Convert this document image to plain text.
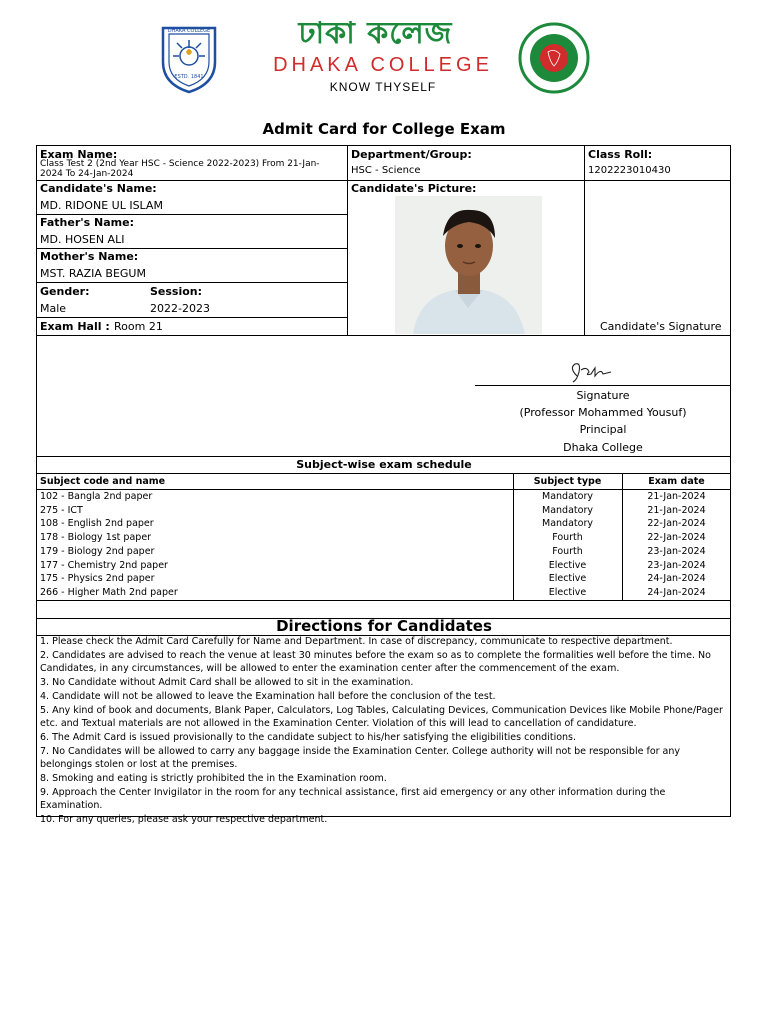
DHAKA COLLEGE
ESTD. 1841
ঢাকা কলেজ
DHAKA COLLEGE
KNOW THYSELF
Admit Card for College Exam
Exam Name:
Class Test 2 (2nd Year HSC - Science 2022-2023) From 21-Jan-2024 To 24-Jan-2024
Department/Group:
HSC - Science
Class Roll:
1202223010430
Candidate's Name:
MD. RIDONE UL ISLAM
Candidate's Picture:
Father's Name:
MD. HOSEN ALI
Mother's Name:
MST. RAZIA BEGUM
Gender:
Male
Session:
2022-2023
Exam Hall : Room 21	Candidate's Signature
Signature
(Professor Mohammed Yousuf)
Principal
Dhaka College
Subject-wise exam schedule
Subject code and name	Subject type	Exam date
102 - Bangla 2nd paper	Mandatory	21-Jan-2024
275 - ICT	Mandatory	21-Jan-2024
108 - English 2nd paper	Mandatory	22-Jan-2024
178 - Biology 1st paper	Fourth	22-Jan-2024
179 - Biology 2nd paper	Fourth	23-Jan-2024
177 - Chemistry 2nd paper	Elective	23-Jan-2024
175 - Physics 2nd paper	Elective	24-Jan-2024
266 - Higher Math 2nd paper	Elective	24-Jan-2024
Directions for Candidates
1. Please check the Admit Card Carefully for Name and Department. In case of discrepancy, communicate to respective department.
2. Candidates are advised to reach the venue at least 30 minutes before the exam so as to complete the formalities well before the time. No Candidates, in any circumstances, will be allowed to enter the examination center after the commencement of the exam.
3. No Candidate without Admit Card shall be allowed to sit in the examination.
4. Candidate will not be allowed to leave the Examination hall before the conclusion of the test.
5. Any kind of book and documents, Blank Paper, Calculators, Log Tables, Calculating Devices, Communication Devices like Mobile Phone/Pager etc. and Textual materials are not allowed in the Examination Center. Violation of this will lead to cancellation of candidature.
6. The Admit Card is issued provisionally to the candidate subject to his/her satisfying the eligibilities conditions.
7. No Candidates will be allowed to carry any baggage inside the Examination Center. College authority will not be responsible for any belongings stolen or lost at the premises.
8. Smoking and eating is strictly prohibited the in the Examination room.
9. Approach the Center Invigilator in the room for any technical assistance, first aid emergency or any other information during the Examination.
10. For any queries, please ask your respective department.
